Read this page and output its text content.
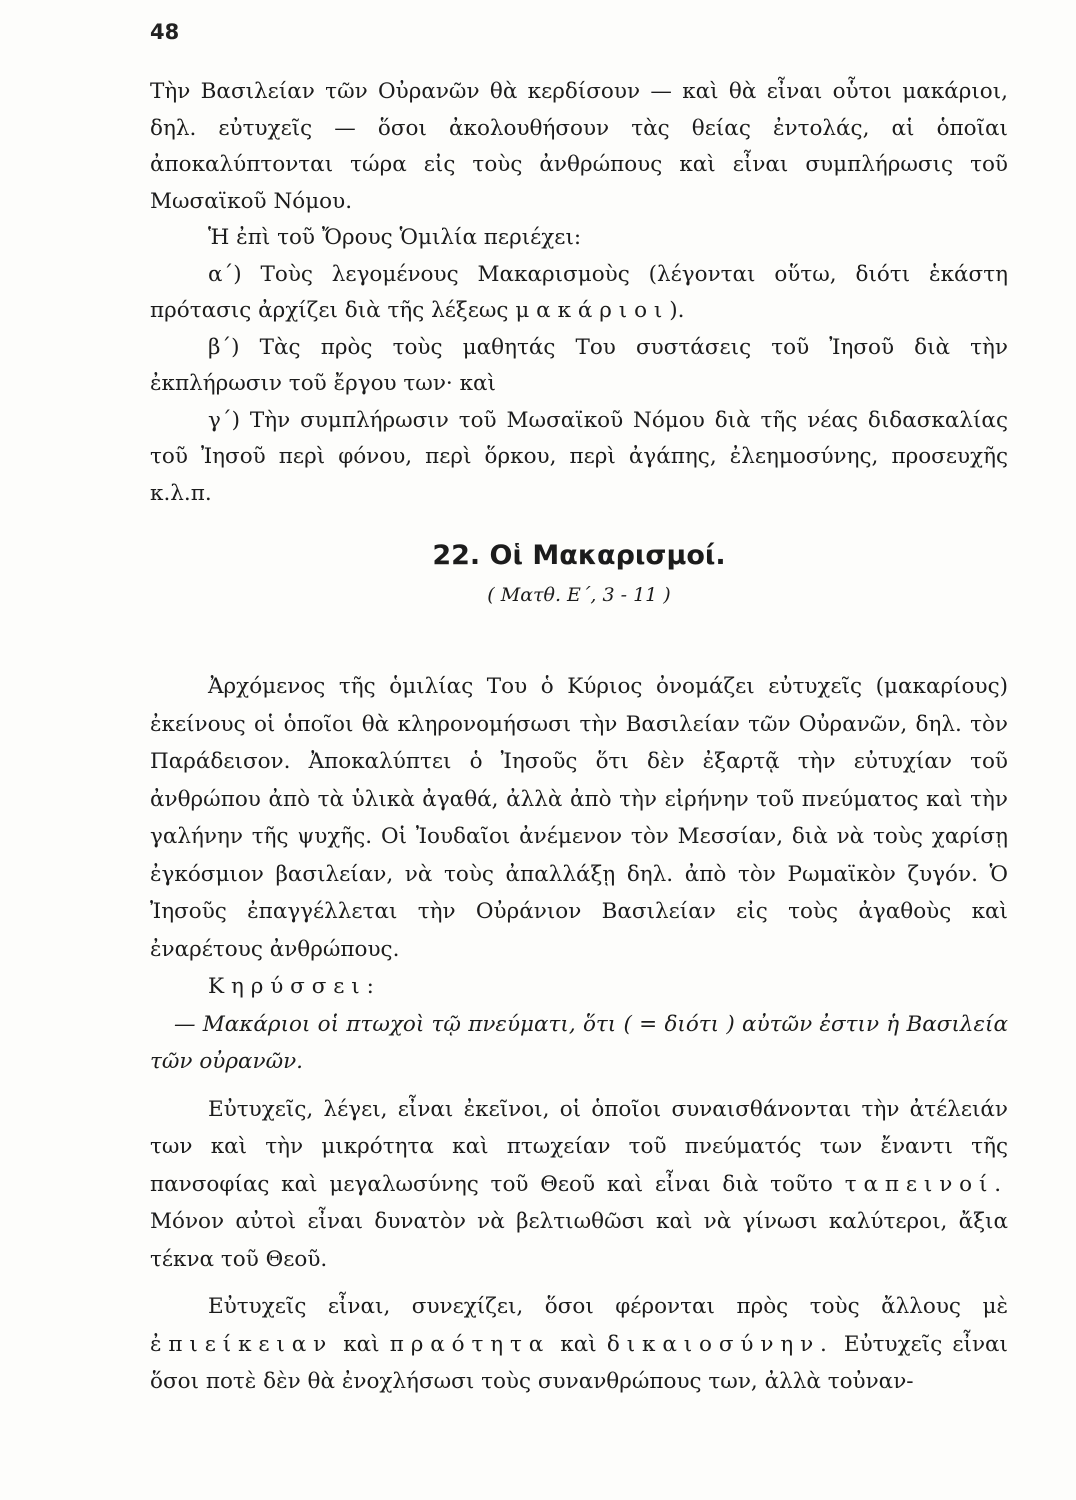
48

Τὴν Βασιλείαν τῶν Οὐρανῶν θὰ κερδίσουν — καὶ θὰ εἶναι οὗτοι μακάριοι, δηλ. εὐτυχεῖς — ὅσοι ἀκολουθήσουν τὰς θείας ἐντολάς, αἱ ὁποῖαι ἀποκαλύπτονται τώρα εἰς τοὺς ἀνθρώπους καὶ εἶναι συμπλήρωσις τοῦ Μωσαϊκοῦ Νόμου.

Ἡ ἐπὶ τοῦ Ὄρους Ὁμιλία περιέχει:

α΄) Τοὺς λεγομένους Μακαρισμοὺς (λέγονται οὕτω, διότι ἑκάστη πρότασις ἀρχίζει διὰ τῆς λέξεως μακάριοι).

β΄) Τὰς πρὸς τοὺς μαθητάς Του συστάσεις τοῦ Ἰησοῦ διὰ τὴν ἐκπλήρωσιν τοῦ ἔργου των· καὶ

γ΄) Τὴν συμπλήρωσιν τοῦ Μωσαϊκοῦ Νόμου διὰ τῆς νέας διδασκαλίας τοῦ Ἰησοῦ περὶ φόνου, περὶ ὅρκου, περὶ ἀγάπης, ἐλεημοσύνης, προσευχῆς κ.λ.π.

22. Οἱ Μακαρισμοί.
( Ματθ. Ε΄, 3 - 11 )

Ἀρχόμενος τῆς ὁμιλίας Του ὁ Κύριος ὀνομάζει εὐτυχεῖς (μακαρίους) ἐκείνους οἱ ὁποῖοι θὰ κληρονομήσωσι τὴν Βασιλείαν τῶν Οὐρανῶν, δηλ. τὸν Παράδεισον. Ἀποκαλύπτει ὁ Ἰησοῦς ὅτι δὲν ἐξαρτᾷ τὴν εὐτυχίαν τοῦ ἀνθρώπου ἀπὸ τὰ ὑλικὰ ἀγαθά, ἀλλὰ ἀπὸ τὴν εἰρήνην τοῦ πνεύματος καὶ τὴν γαλήνην τῆς ψυχῆς. Οἱ Ἰουδαῖοι ἀνέμενον τὸν Μεσσίαν, διὰ νὰ τοὺς χαρίσῃ ἐγκόσμιον βασιλείαν, νὰ τοὺς ἀπαλλάξῃ δηλ. ἀπὸ τὸν Ρωμαϊκὸν ζυγόν. Ὁ Ἰησοῦς ἐπαγγέλλεται τὴν Οὐράνιον Βασιλείαν εἰς τοὺς ἀγαθοὺς καὶ ἐναρέτους ἀνθρώπους.

Κηρύσσει:

— Μακάριοι οἱ πτωχοὶ τῷ πνεύματι, ὅτι ( = διότι ) αὐτῶν ἐστιν ἡ Βασιλεία τῶν οὐρανῶν.

Εὐτυχεῖς, λέγει, εἶναι ἐκεῖνοι, οἱ ὁποῖοι συναισθάνονται τὴν ἀτέλειάν των καὶ τὴν μικρότητα καὶ πτωχείαν τοῦ πνεύματός των ἔναντι τῆς πανσοφίας καὶ μεγαλωσύνης τοῦ Θεοῦ καὶ εἶναι διὰ τοῦτο ταπεινοί. Μόνον αὐτοὶ εἶναι δυνατὸν νὰ βελτιωθῶσι καὶ νὰ γίνωσι καλύτεροι, ἄξια τέκνα τοῦ Θεοῦ.

Εὐτυχεῖς εἶναι, συνεχίζει, ὅσοι φέρονται πρὸς τοὺς ἄλλους μὲ ἐπιείκειαν καὶ πραότητα καὶ δικαιοσύνην. Εὐτυχεῖς εἶναι ὅσοι ποτὲ δὲν θὰ ἐνοχλήσωσι τοὺς συνανθρώπους των, ἀλλὰ τοὐναν-
